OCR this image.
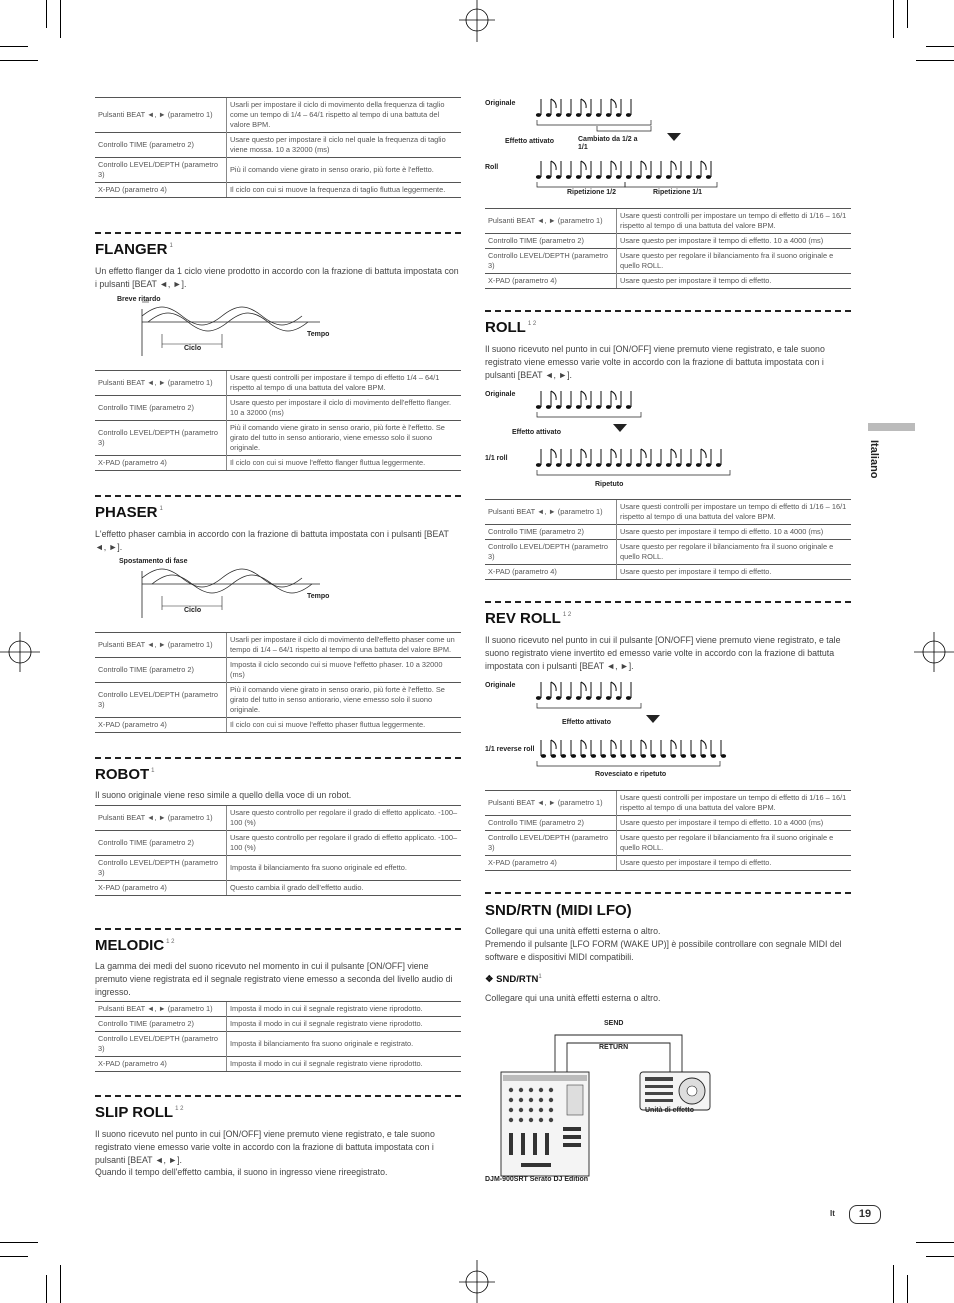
Italiano
Pulsanti BEAT ◄, ► (parametro 1)	Usarli per impostare il ciclo di movimento della frequenza di taglio come un tempo di 1/4 – 64/1 rispetto al tempo di una battuta del valore BPM.
Controllo TIME (parametro 2)	Usare questo per impostare il ciclo nel quale la frequenza di taglio viene mossa. 10 a 32000 (ms)
Controllo LEVEL/DEPTH (parametro 3)	Più il comando viene girato in senso orario, più forte è l'effetto.
X-PAD (parametro 4)	Il ciclo con cui si muove la frequenza di taglio fluttua leggermente.
FLANGER $^1$

Un effetto flanger da 1 ciclo viene prodotto in accordo con la frazione di battuta impostata con i pulsanti [BEAT ◄, ►].

Breve ritardo
Tempo
Ciclo
Pulsanti BEAT ◄, ► (parametro 1)	Usare questi controlli per impostare il tempo di effetto 1/4 – 64/1 rispetto al tempo di una battuta del valore BPM.
Controllo TIME (parametro 2)	Usare questo per impostare il ciclo di movimento dell'effetto flanger. 10 a 32000 (ms)
Controllo LEVEL/DEPTH (parametro 3)	Più il comando viene girato in senso orario, più forte è l'effetto. Se girato del tutto in senso antiorario, viene emesso solo il suono originale.
X-PAD (parametro 4)	Il ciclo con cui si muove l'effetto flanger fluttua leggermente.
PHASER $^1$

L'effetto phaser cambia in accordo con la frazione di battuta impostata con i pulsanti [BEAT ◄, ►].

Spostamento di fase
Tempo
Ciclo
Pulsanti BEAT ◄, ► (parametro 1)	Usarli per impostare il ciclo di movimento dell'effetto phaser come un tempo di 1/4 – 64/1 rispetto al tempo di una battuta del valore BPM.
Controllo TIME (parametro 2)	Imposta il ciclo secondo cui si muove l'effetto phaser. 10 a 32000 (ms)
Controllo LEVEL/DEPTH (parametro 3)	Più il comando viene girato in senso orario, più forte è l'effetto. Se girato del tutto in senso antiorario, viene emesso solo il suono originale.
X-PAD (parametro 4)	Il ciclo con cui si muove l'effetto phaser fluttua leggermente.
ROBOT $^1$

Il suono originale viene reso simile a quello della voce di un robot.

Pulsanti BEAT ◄, ► (parametro 1)	Usare questo controllo per regolare il grado di effetto applicato. -100–100 (%)
Controllo TIME (parametro 2)	Usare questo controllo per regolare il grado di effetto applicato. -100–100 (%)
Controllo LEVEL/DEPTH (parametro 3)	Imposta il bilanciamento fra suono originale ed effetto.
X-PAD (parametro 4)	Questo cambia il grado dell'effetto audio.
MELODIC $^{1 2}$

La gamma dei medi del suono ricevuto nel momento in cui il pulsante [ON/OFF] viene premuto viene registrata ed il segnale registrato viene emesso a seconda del livello audio di ingresso.

Pulsanti BEAT ◄, ► (parametro 1)	Imposta il modo in cui il segnale registrato viene riprodotto.
Controllo TIME (parametro 2)	Imposta il modo in cui il segnale registrato viene riprodotto.
Controllo LEVEL/DEPTH (parametro 3)	Imposta il bilanciamento fra suono originale e registrato.
X-PAD (parametro 4)	Imposta il modo in cui il segnale registrato viene riprodotto.
SLIP ROLL $^{1 2}$

Il suono ricevuto nel punto in cui [ON/OFF] viene premuto viene registrato, e tale suono registrato viene emesso varie volte in accordo con la frazione di battuta impostata con i pulsanti [BEAT ◄, ►].

Quando il tempo dell'effetto cambia, il suono in ingresso viene rireegistrato.

Originale
Effetto attivato	Cambiato da 1/2 a 1/1
Roll
Ripetizione 1/2	Ripetizione 1/1
Pulsanti BEAT ◄, ► (parametro 1)	Usare questi controlli per impostare un tempo di effetto di 1/16 – 16/1 rispetto al tempo di una battuta del valore BPM.
Controllo TIME (parametro 2)	Usare questo per impostare il tempo di effetto. 10 a 4000 (ms)
Controllo LEVEL/DEPTH (parametro 3)	Usare questo per regolare il bilanciamento fra il suono originale e quello ROLL.
X-PAD (parametro 4)	Usare questo per impostare il tempo di effetto.
ROLL $^{1 2}$

Il suono ricevuto nel punto in cui [ON/OFF] viene premuto viene registrato, e tale suono registrato viene emesso varie volte in accordo con la frazione di battuta impostata con i pulsanti [BEAT ◄, ►].

Originale
Effetto attivato
1/1 roll
Ripetuto
Pulsanti BEAT ◄, ► (parametro 1)	Usare questi controlli per impostare un tempo di effetto di 1/16 – 16/1 rispetto al tempo di una battuta del valore BPM.
Controllo TIME (parametro 2)	Usare questo per impostare il tempo di effetto. 10 a 4000 (ms)
Controllo LEVEL/DEPTH (parametro 3)	Usare questo per regolare il bilanciamento fra il suono originale e quello ROLL.
X-PAD (parametro 4)	Usare questo per impostare il tempo di effetto.
REV ROLL $^{1 2}$

Il suono ricevuto nel punto in cui il pulsante [ON/OFF] viene premuto viene registrato, e tale suono registrato viene invertito ed emesso varie volte in accordo con la frazione di battuta impostata con i pulsanti [BEAT ◄, ►].

Originale
Effetto attivato
1/1 reverse roll
Rovesciato e ripetuto
Pulsanti BEAT ◄, ► (parametro 1)	Usare questi controlli per impostare un tempo di effetto di 1/16 – 16/1 rispetto al tempo di una battuta del valore BPM.
Controllo TIME (parametro 2)	Usare questo per impostare il tempo di effetto. 10 a 4000 (ms)
Controllo LEVEL/DEPTH (parametro 3)	Usare questo per regolare il bilanciamento fra il suono originale e quello ROLL.
X-PAD (parametro 4)	Usare questo per impostare il tempo di effetto.
SND/RTN (MIDI LFO)

Collegare qui una unità effetti esterna o altro.

Premendo il pulsante [LFO FORM (WAKE UP)] è possibile controllare con segnale MIDI del software e dispositivi MIDI compatibili.

❖ SND/RTN$^1$

Collegare qui una unità effetti esterna o altro.

SEND
RETURN
Unità di effetto
DJM-900SRT Serato DJ Edition
It	19
